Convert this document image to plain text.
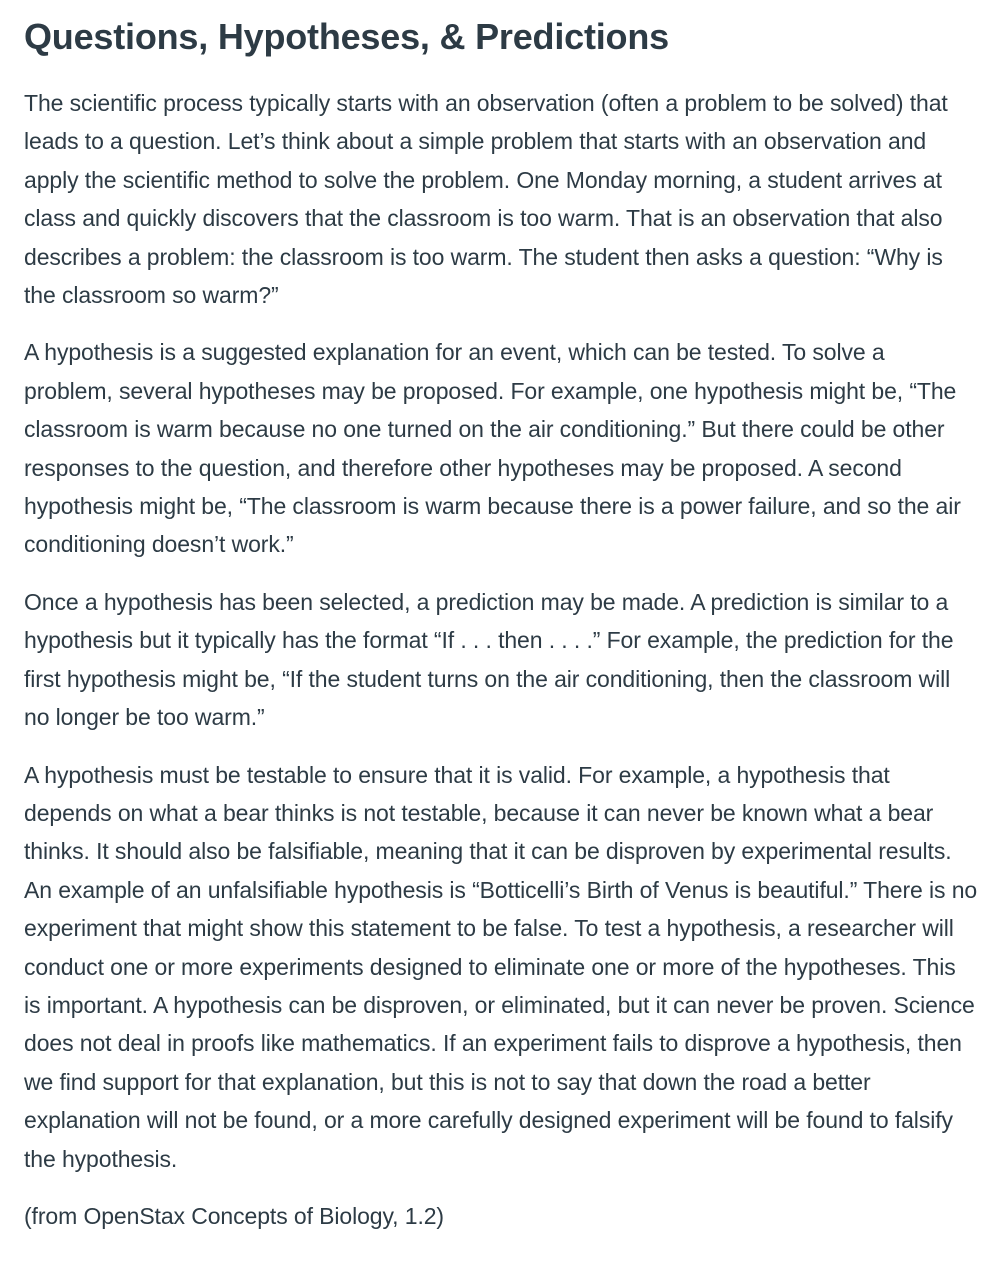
Questions, Hypotheses, & Predictions

The scientific process typically starts with an observation (often a problem to be solved) that leads to a question. Let’s think about a simple problem that starts with an observation and apply the scientific method to solve the problem. One Monday morning, a student arrives at class and quickly discovers that the classroom is too warm. That is an observation that also describes a problem: the classroom is too warm. The student then asks a question: “Why is the classroom so warm?”

A hypothesis is a suggested explanation for an event, which can be tested. To solve a problem, several hypotheses may be proposed. For example, one hypothesis might be, “The classroom is warm because no one turned on the air conditioning.” But there could be other responses to the question, and therefore other hypotheses may be proposed. A second hypothesis might be, “The classroom is warm because there is a power failure, and so the air conditioning doesn’t work.”

Once a hypothesis has been selected, a prediction may be made. A prediction is similar to a hypothesis but it typically has the format “If . . . then . . . .” For example, the prediction for the first hypothesis might be, “If the student turns on the air conditioning, then the classroom will no longer be too warm.”

A hypothesis must be testable to ensure that it is valid. For example, a hypothesis that depends on what a bear thinks is not testable, because it can never be known what a bear thinks. It should also be falsifiable, meaning that it can be disproven by experimental results. An example of an unfalsifiable hypothesis is “Botticelli’s Birth of Venus is beautiful.” There is no experiment that might show this statement to be false. To test a hypothesis, a researcher will conduct one or more experiments designed to eliminate one or more of the hypotheses. This is important. A hypothesis can be disproven, or eliminated, but it can never be proven. Science does not deal in proofs like mathematics. If an experiment fails to disprove a hypothesis, then we find support for that explanation, but this is not to say that down the road a better explanation will not be found, or a more carefully designed experiment will be found to falsify the hypothesis.

(from OpenStax Concepts of Biology, 1.2)
